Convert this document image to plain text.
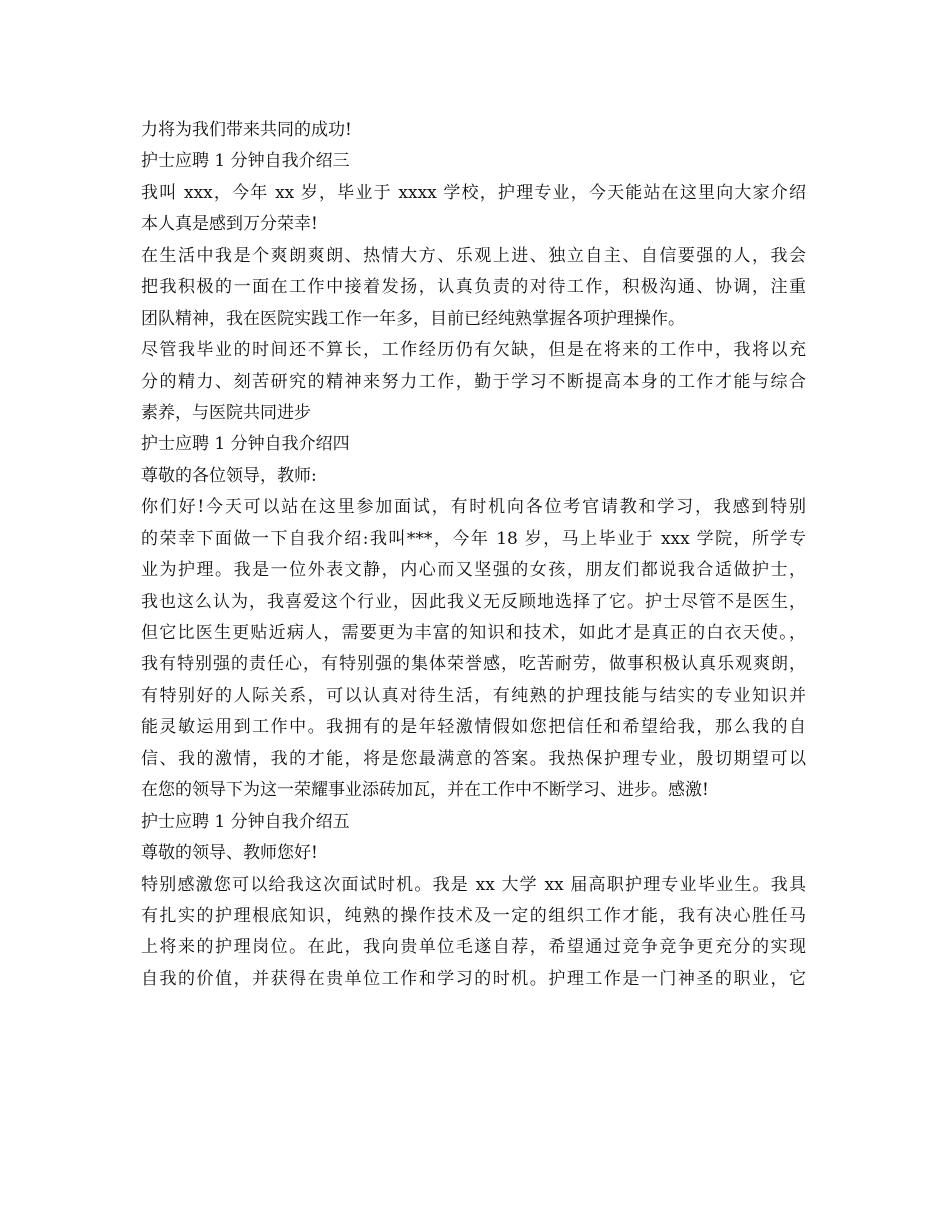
力将为我们带来共同的成功!
护士应聘 1 分钟自我介绍三
我叫 xxx，今年 xx 岁，毕业于 xxxx 学校，护理专业，今天能站在这里向大家介绍
本人真是感到万分荣幸!
在生活中我是个爽朗爽朗、热情大方、乐观上进、独立自主、自信要强的人，我会
把我积极的一面在工作中接着发扬，认真负责的对待工作，积极沟通、协调，注重
团队精神，我在医院实践工作一年多，目前已经纯熟掌握各项护理操作。
尽管我毕业的时间还不算长，工作经历仍有欠缺，但是在将来的工作中，我将以充
分的精力、刻苦研究的精神来努力工作，勤于学习不断提高本身的工作才能与综合
素养，与医院共同进步
护士应聘 1 分钟自我介绍四
尊敬的各位领导，教师:
你们好!今天可以站在这里参加面试，有时机向各位考官请教和学习，我感到特别
的荣幸下面做一下自我介绍:我叫***，今年 18 岁，马上毕业于 xxx 学院，所学专
业为护理。我是一位外表文静，内心而又坚强的女孩，朋友们都说我合适做护士，
我也这么认为，我喜爱这个行业，因此我义无反顾地选择了它。护士尽管不是医生，
但它比医生更贴近病人，需要更为丰富的知识和技术，如此才是真正的白衣天使。，
我有特别强的责任心，有特别强的集体荣誉感，吃苦耐劳，做事积极认真乐观爽朗，
有特别好的人际关系，可以认真对待生活，有纯熟的护理技能与结实的专业知识并
能灵敏运用到工作中。我拥有的是年轻激情假如您把信任和希望给我，那么我的自
信、我的激情，我的才能，将是您最满意的答案。我热保护理专业，殷切期望可以
在您的领导下为这一荣耀事业添砖加瓦，并在工作中不断学习、进步。感激!
护士应聘 1 分钟自我介绍五
尊敬的领导、教师您好!
特别感激您可以给我这次面试时机。我是 xx 大学 xx 届高职护理专业毕业生。我具
有扎实的护理根底知识，纯熟的操作技术及一定的组织工作才能，我有决心胜任马
上将来的护理岗位。在此，我向贵单位毛遂自荐，希望通过竞争竞争更充分的实现
自我的价值，并获得在贵单位工作和学习的时机。护理工作是一门神圣的职业，它
